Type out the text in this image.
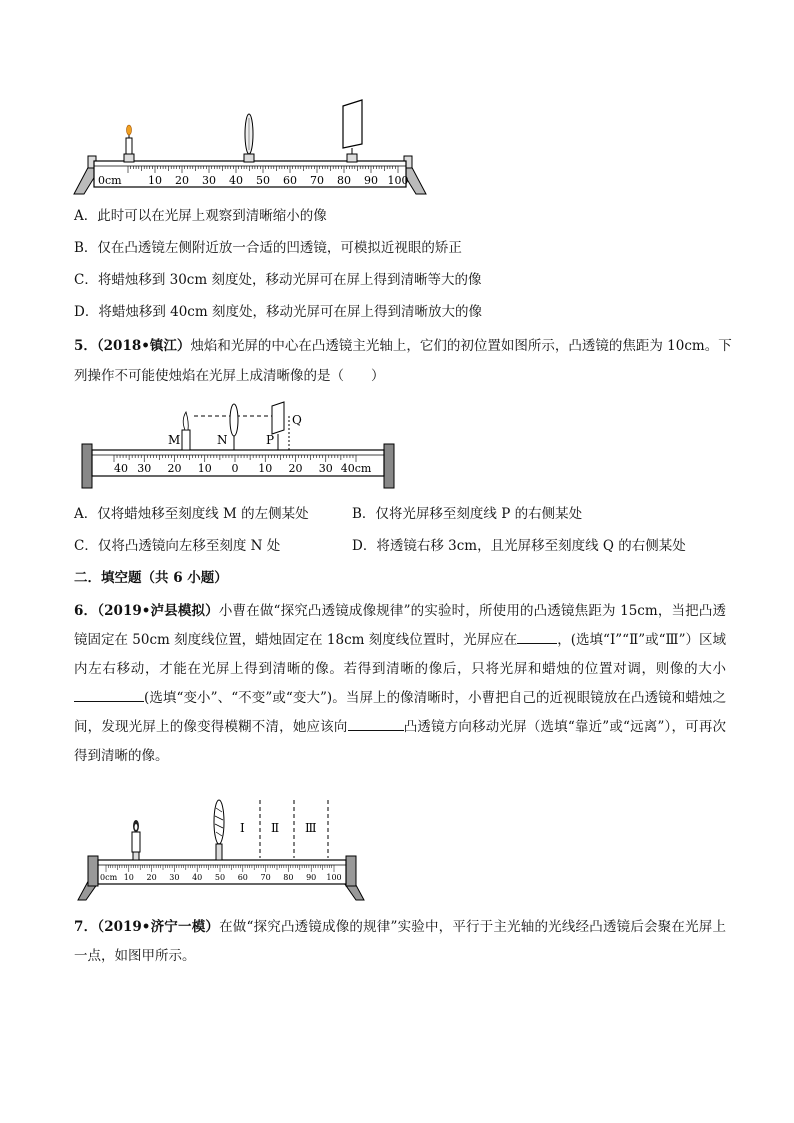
0cm 10 20 30 40 50 60 70 80 90 100
A．此时可以在光屏上观察到清晰缩小的像
B．仅在凸透镜左侧附近放一合适的凹透镜，可模拟近视眼的矫正
C．将蜡烛移到 30cm 刻度处，移动光屏可在屏上得到清晰等大的像
D．将蜡烛移到 40cm 刻度处，移动光屏可在屏上得到清晰放大的像
5．（2018•镇江）烛焰和光屏的中心在凸透镜主光轴上，它们的初位置如图所示，凸透镜的焦距为 10cm。下
列操作不可能使烛焰在光屏上成清晰像的是（　　）
40 30 20 10 0 10 20 30 40cm
M	N	P
Q
A．仅将蜡烛移至刻度线 M 的左侧某处	B．仅将光屏移至刻度线 P 的右侧某处
C．仅将凸透镜向左移至刻度 N 处	D．将透镜右移 3cm，且光屏移至刻度线 Q 的右侧某处
二．填空题（共 6 小题）
6．（2019•泸县模拟）小曹在做“探究凸透镜成像规律”的实验时，所使用的凸透镜焦距为 15cm，当把凸透镜固定在 50cm 刻度线位置，蜡烛固定在 18cm 刻度线位置时，光屏应在	，(选填“Ⅰ”“Ⅱ”或“Ⅲ”）区域内左右移动，才能在光屏上得到清晰的像。若得到清晰的像后，只将光屏和蜡烛的位置对调，则像的大小(选填“变小”、“不变”或“变大”)。当屏上的像清晰时，小曹把自己的近视眼镜放在凸透镜和蜡烛之间，发现光屏上的像变得模糊不清，她应该向	凸透镜方向移动光屏（选填“靠近”或“远离”），可再次得到清晰的像。
0cm 10 20 30 40 50 60 70 80 90 100
Ⅰ Ⅱ Ⅲ
7．（2019•济宁一模）在做“探究凸透镜成像的规律”实验中，平行于主光轴的光线经凸透镜后会聚在光屏上一点，如图甲所示。
